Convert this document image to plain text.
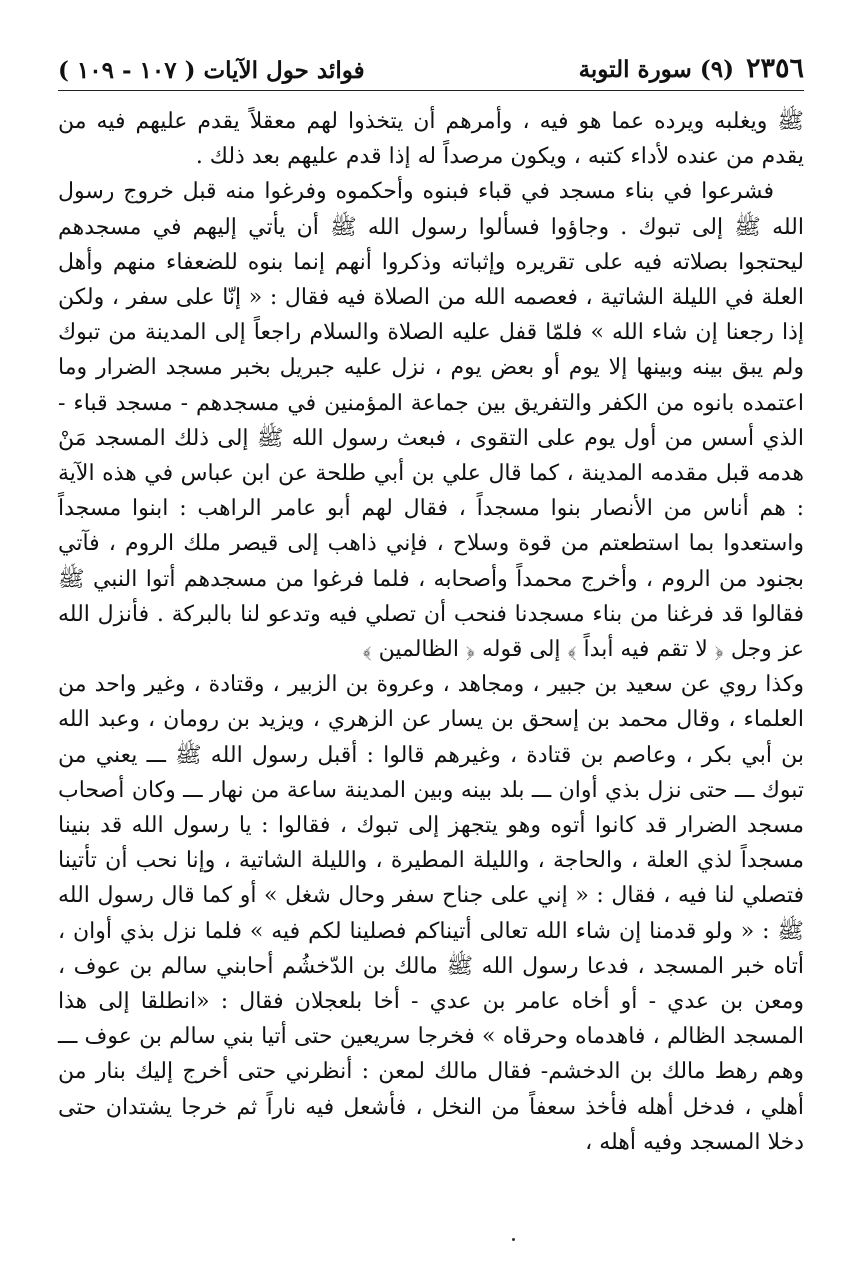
٢٣٥٦
(٩) سورة التوبة
فوائد حول الآيات ( ١٠٧ - ١٠٩ )

ﷺ ويغلبه ويرده عما هو فيه ، وأمرهم أن يتخذوا لهم معقلاً يقدم عليهم فيه من يقدم من عنده لأداء كتبه ، ويكون مرصداً له إذا قدم عليهم بعد ذلك .

فشرعوا في بناء مسجد في قباء فبنوه وأحكموه وفرغوا منه قبل خروج رسول الله ﷺ إلى تبوك . وجاؤوا فسألوا رسول الله ﷺ أن يأتي إليهم في مسجدهم ليحتجوا بصلاته فيه على تقريره وإثباته وذكروا أنهم إنما بنوه للضعفاء منهم وأهل العلة في الليلة الشاتية ، فعصمه الله من الصلاة فيه فقال : « إنّا على سفر ، ولكن إذا رجعنا إن شاء الله » فلمّا قفل عليه الصلاة والسلام راجعاً إلى المدينة من تبوك ولم يبق بينه وبينها إلا يوم أو بعض يوم ، نزل عليه جبريل بخبر مسجد الضرار وما اعتمده بانوه من الكفر والتفريق بين جماعة المؤمنين في مسجدهم - مسجد قباء - الذي أسس من أول يوم على التقوى ، فبعث رسول الله ﷺ إلى ذلك المسجد مَنْ هدمه قبل مقدمه المدينة ، كما قال علي بن أبي طلحة عن ابن عباس في هذه الآية : هم أناس من الأنصار بنوا مسجداً ، فقال لهم أبو عامر الراهب : ابنوا مسجداً واستعدوا بما استطعتم من قوة وسلاح ، فإني ذاهب إلى قيصر ملك الروم ، فآتي بجنود من الروم ، وأخرج محمداً وأصحابه ، فلما فرغوا من مسجدهم أتوا النبي ﷺ فقالوا قد فرغنا من بناء مسجدنا فنحب أن تصلي فيه وتدعو لنا بالبركة . فأنزل الله عز وجل ﴿ لا تقم فيه أبداً ﴾ إلى قوله ﴿ الظالمين ﴾

وكذا روي عن سعيد بن جبير ، ومجاهد ، وعروة بن الزبير ، وقتادة ، وغير واحد من العلماء ، وقال محمد بن إسحق بن يسار عن الزهري ، ويزيد بن رومان ، وعبد الله بن أبي بكر ، وعاصم بن قتادة ، وغيرهم قالوا : أقبل رسول الله ﷺ ـــ يعني من تبوك ـــ حتى نزل بذي أوان ـــ بلد بينه وبين المدينة ساعة من نهار ـــ وكان أصحاب مسجد الضرار قد كانوا أتوه وهو يتجهز إلى تبوك ، فقالوا : يا رسول الله قد بنينا مسجداً لذي العلة ، والحاجة ، والليلة المطيرة ، والليلة الشاتية ، وإنا نحب أن تأتينا فتصلي لنا فيه ، فقال : « إني على جناح سفر وحال شغل » أو كما قال رسول الله ﷺ : « ولو قدمنا إن شاء الله تعالى أتيناكم فصلينا لكم فيه » فلما نزل بذي أوان ، أتاه خبر المسجد ، فدعا رسول الله ﷺ مالك بن الدّخشُم أحابني سالم بن عوف ، ومعن بن عدي - أو أخاه عامر بن عدي - أخا بلعجلان فقال : «انطلقا إلى هذا المسجد الظالم ، فاهدماه وحرقاه » فخرجا سريعين حتى أتيا بني سالم بن عوف ـــ وهم رهط مالك بن الدخشم- فقال مالك لمعن : أنظرني حتى أخرج إليك بنار من أهلي ، فدخل أهله فأخذ سعفاً من النخل ، فأشعل فيه ناراً ثم خرجا يشتدان حتى دخلا المسجد وفيه أهله ،
